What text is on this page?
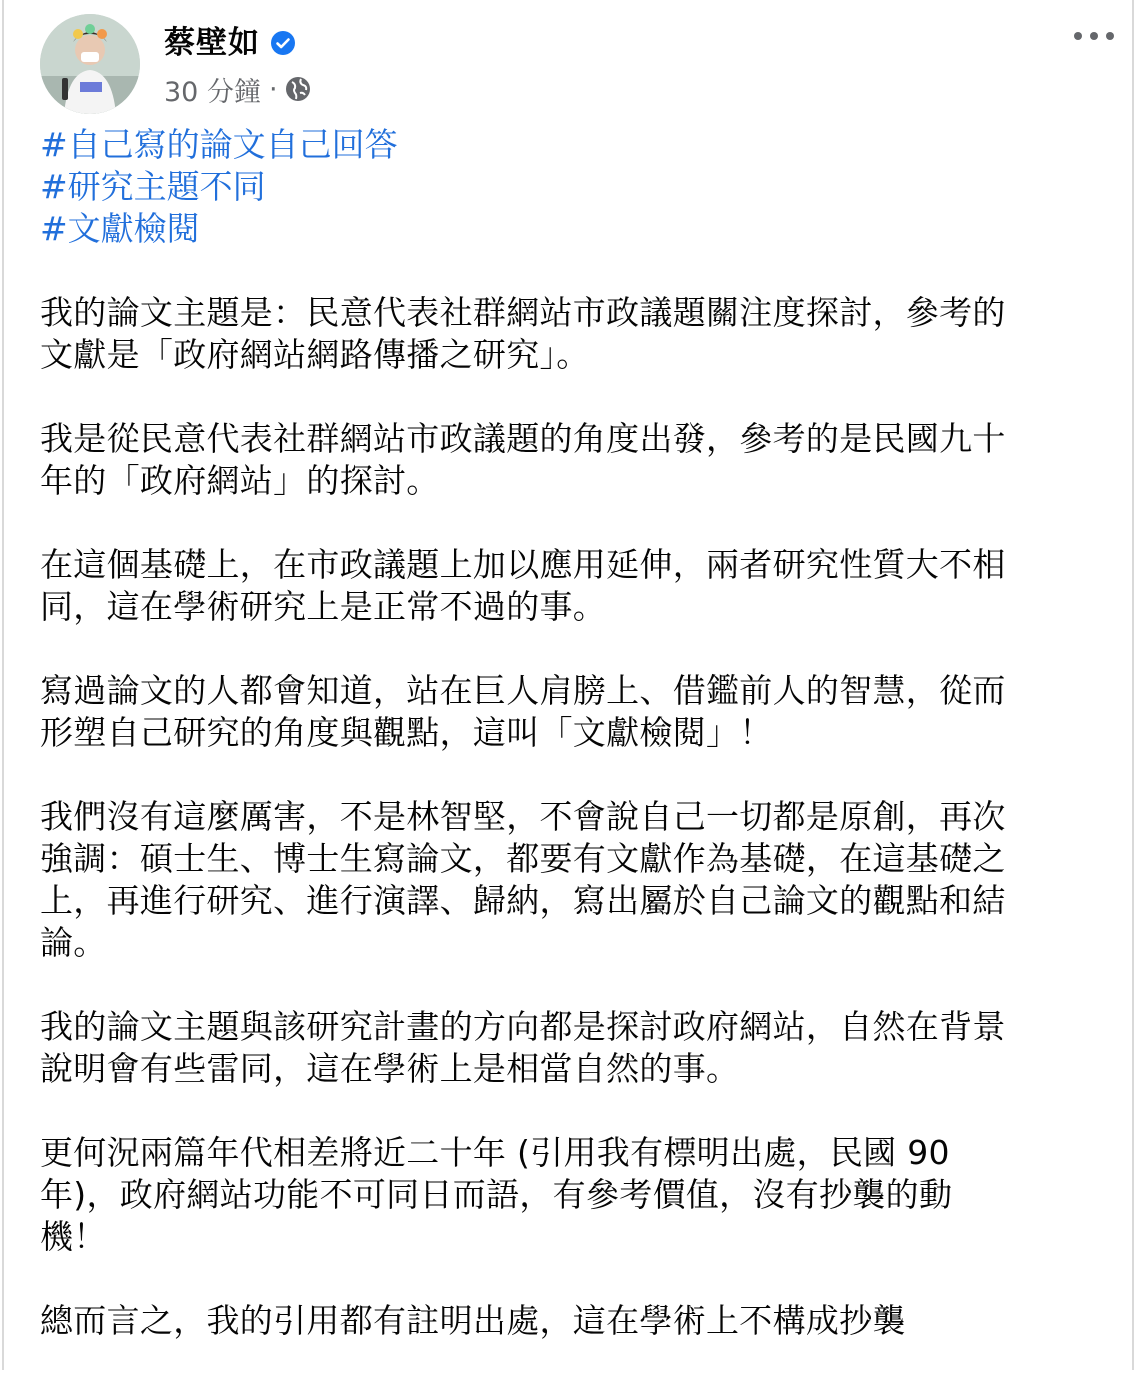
蔡壁如
30 分鐘 ·
#自己寫的論文自己回答
#研究主題不同
#文獻檢閱

我的論文主題是：民意代表社群網站市政議題關注度探討，參考的
文獻是「政府網站網路傳播之研究」。

我是從民意代表社群網站市政議題的角度出發，參考的是民國九十
年的「政府網站」的探討。

在這個基礎上，在市政議題上加以應用延伸，兩者研究性質大不相
同，這在學術研究上是正常不過的事。

寫過論文的人都會知道，站在巨人肩膀上、借鑑前人的智慧，從而
形塑自己研究的角度與觀點，這叫「文獻檢閱」！

我們沒有這麼厲害，不是林智堅，不會說自己一切都是原創，再次
強調：碩士生、博士生寫論文，都要有文獻作為基礎，在這基礎之
上，再進行研究、進行演譯、歸納，寫出屬於自己論文的觀點和結
論。

我的論文主題與該研究計畫的方向都是探討政府網站，自然在背景
說明會有些雷同，這在學術上是相當自然的事。

更何況兩篇年代相差將近二十年 (引用我有標明出處，民國 90
年)，政府網站功能不可同日而語，有參考價值，沒有抄襲的動
機！

總而言之，我的引用都有註明出處，這在學術上不構成抄襲
